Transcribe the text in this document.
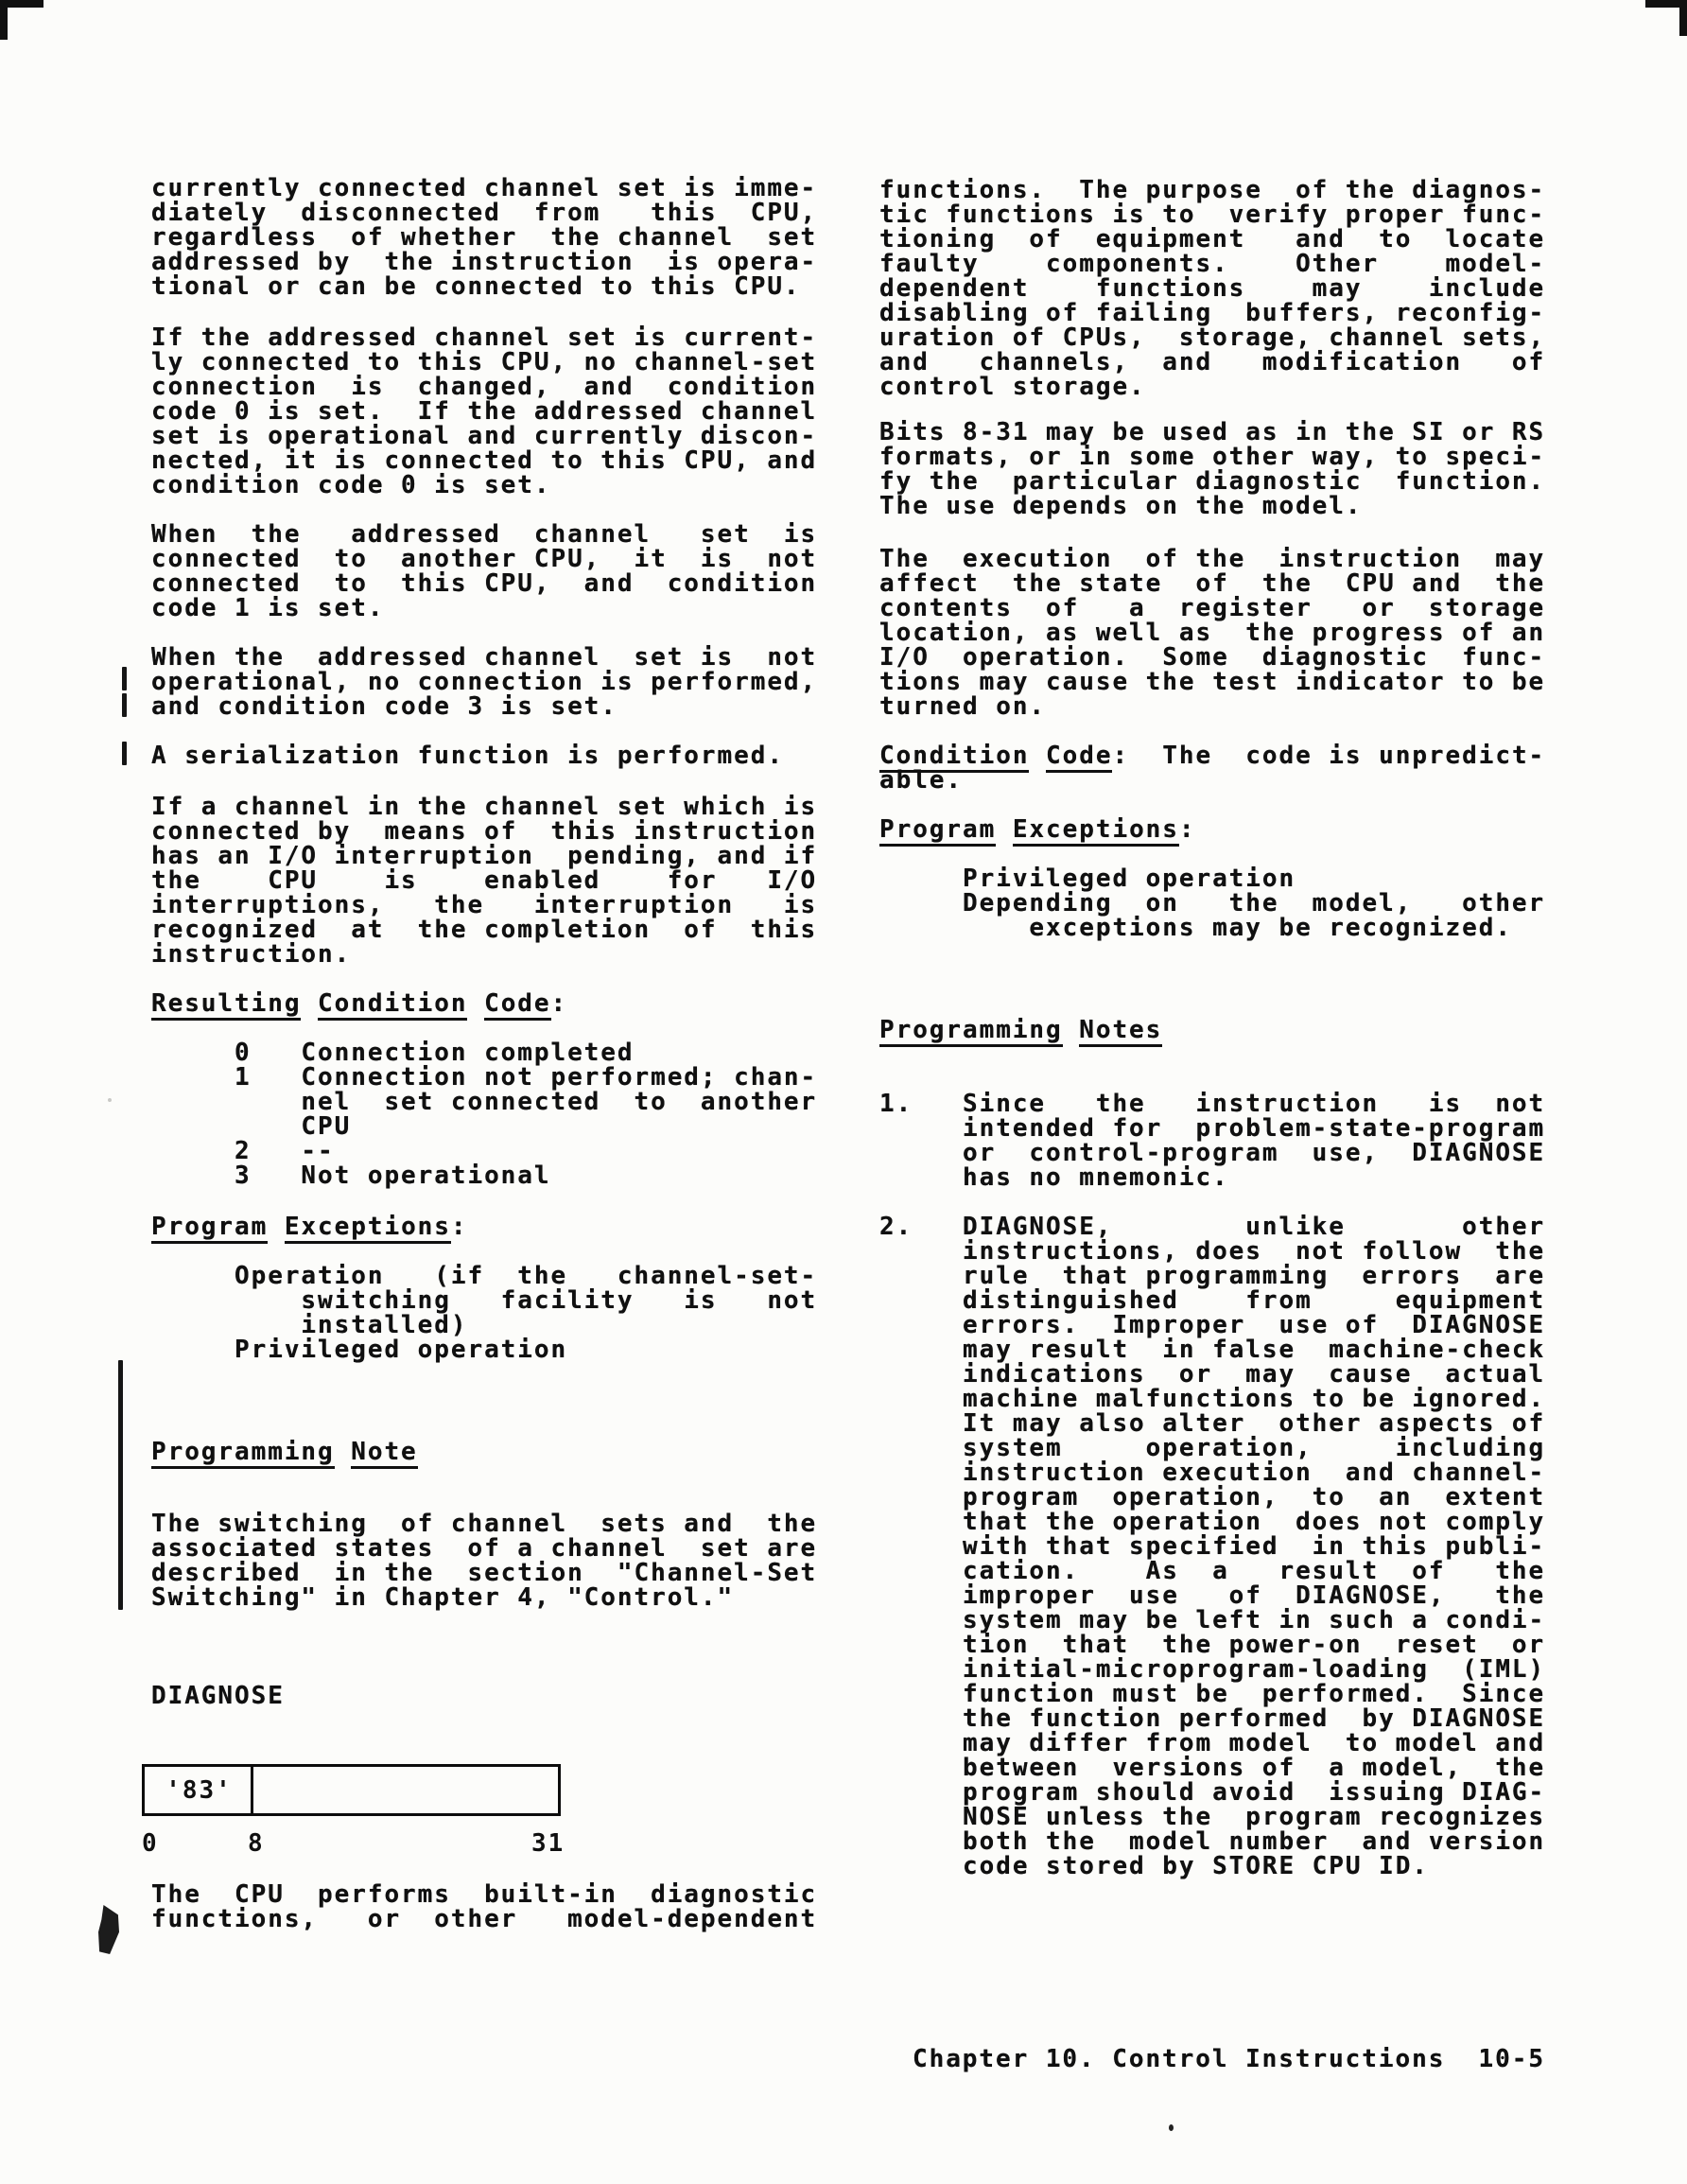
currently connected channel set is imme-
diately  disconnected  from   this  CPU,
regardless  of whether  the channel  set
addressed by  the instruction  is opera-
tional or can be connected to this CPU.
If the addressed channel set is current-
ly connected to this CPU, no channel-set
connection  is  changed,  and  condition
code 0 is set.  If the addressed channel
set is operational and currently discon-
nected, it is connected to this CPU, and
condition code 0 is set.
When  the   addressed  channel   set  is
connected  to  another CPU,  it  is  not
connected  to  this CPU,  and  condition
code 1 is set.
When the  addressed channel  set is  not
operational, no connection is performed,
and condition code 3 is set.
A serialization function is performed.
If a channel in the channel set which is
connected by  means of  this instruction
has an I/O interruption  pending, and if
the    CPU    is    enabled    for   I/O
interruptions,   the   interruption   is
recognized  at  the completion  of  this
instruction.
Resulting Condition Code:
0   Connection completed
1   Connection not performed; chan-
nel  set connected  to  another
CPU
2   --
3   Not operational
Program Exceptions:
Operation   (if  the   channel-set-
switching   facility   is   not
installed)
Privileged operation
Programming Note
The switching  of channel  sets and  the
associated states  of a channel  set are
described  in the  section  "Channel-Set
Switching" in Chapter 4, "Control."
DIAGNOSE
The  CPU  performs  built-in  diagnostic
functions,   or  other   model-dependent
functions.  The purpose  of the diagnos-
tic functions is to  verify proper func-
tioning  of  equipment   and  to  locate
faulty    components.    Other    model-
dependent    functions    may    include
disabling of failing  buffers, reconfig-
uration of CPUs,  storage, channel sets,
and   channels,  and   modification   of
control storage.
Bits 8-31 may be used as in the SI or RS
formats, or in some other way, to speci-
fy the  particular diagnostic  function.
The use depends on the model.
The  execution  of the  instruction  may
affect  the state  of  the  CPU and  the
contents  of   a  register   or  storage
location, as well as  the progress of an
I/O  operation.  Some  diagnostic  func-
tions may cause the test indicator to be
turned on.
Condition Code:  The  code is unpredict-
able.
Program Exceptions:
Privileged operation
Depending  on   the  model,   other
exceptions may be recognized.
Programming Notes
1.   Since   the   instruction   is  not
intended for  problem-state-program
or  control-program  use,  DIAGNOSE
has no mnemonic.
2.   DIAGNOSE,        unlike       other
instructions, does  not follow  the
rule  that programming  errors  are
distinguished    from     equipment
errors.  Improper  use of  DIAGNOSE
may result  in false  machine-check
indications  or  may  cause  actual
machine malfunctions to be ignored.
It may also alter  other aspects of
system     operation,     including
instruction execution  and channel-
program  operation,  to  an  extent
that the operation  does not comply
with that specified  in this publi-
cation.    As  a   result  of   the
improper  use   of  DIAGNOSE,   the
system may be left in such a condi-
tion  that  the power-on  reset  or
initial-microprogram-loading  (IML)
function must be  performed.  Since
the function performed  by DIAGNOSE
may differ from model  to model and
between  versions of  a model,  the
program should avoid  issuing DIAG-
NOSE unless the  program recognizes
both the  model number  and version
code stored by STORE CPU ID.
'83'
0	8	31
Chapter 10. Control Instructions  10-5
